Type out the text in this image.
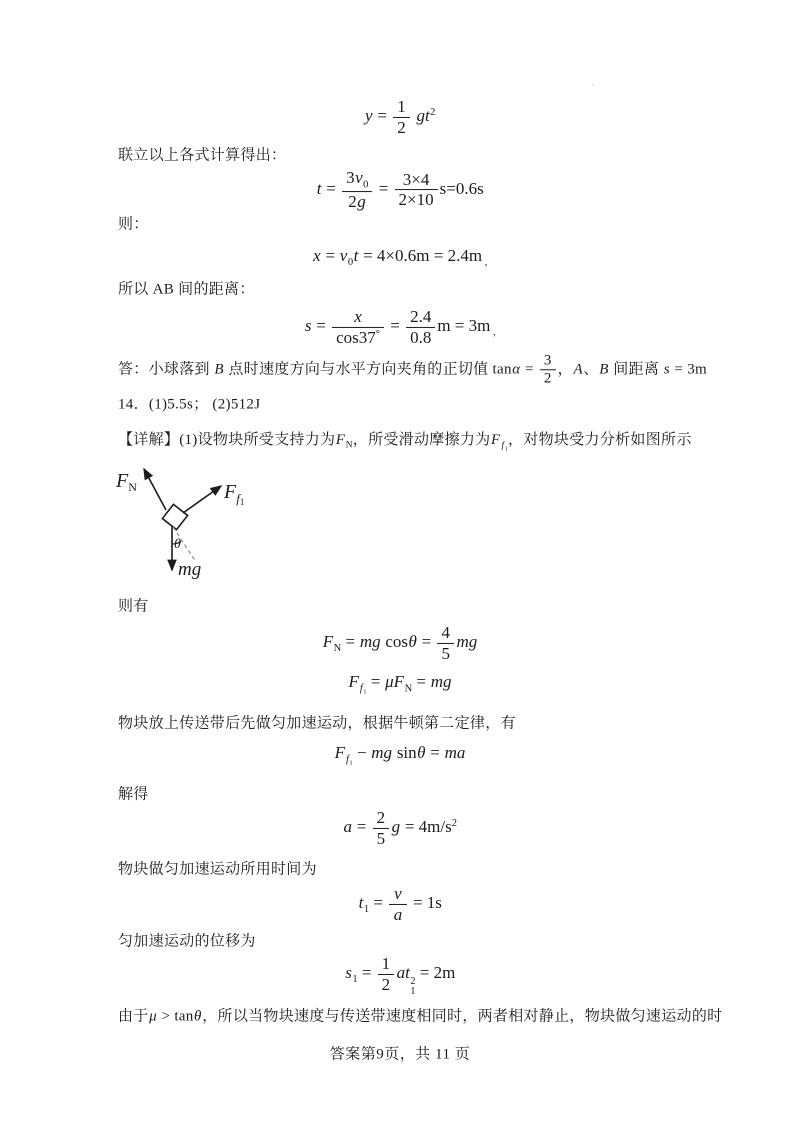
·
$y = \frac{1}{2} gt^2$
联立以上各式计算得出：
$t = \frac{3v_0}{2g} = \frac{3\times 4}{2\times 10} s=0.6s$
则：
$x = v_0t = 4\times 0.6m = 2.4m$ $_,$
所以 AB 间的距离：
$s = \frac{x}{\cos 37^\circ} = \frac{2.4}{0.8}$ m = 3m $_,$
答：小球落到 B 点时速度方向与水平方向夹角的正切值 $\tan\alpha = \frac{3}{2}$ ，A、B 间距离 s = 3m
14．(1)5.5s； (2)512J
【详解】(1)设物块所受支持力为$F_N$，所受滑动摩擦力为$F_{f_1}$，对物块受力分析如图所示
$F_N$	$F_f1$
θ
mg
则有
$F_N$ = mg $\cos\theta = \frac{4}{5}$ mg
$F_{f_1} = \mu F_N$ = mg
物块放上传送带后先做匀加速运动，根据牛顿第二定律，有
$F_{f_1}$ − mg sinθ = ma
解得
$a = \frac{2}{5}$ $g = 4m/s^2$
物块做匀加速运动所用时间为
$t_1 = \frac{v}{a} = 1s$
匀加速运动的位移为
$s_1 = \frac{1}{2}$ at 2
1
= 2m
由于μ > tanθ，所以当物块速度与传送带速度相同时，两者相对静止，物块做匀速运动的时
答案第9页，共 11 页
